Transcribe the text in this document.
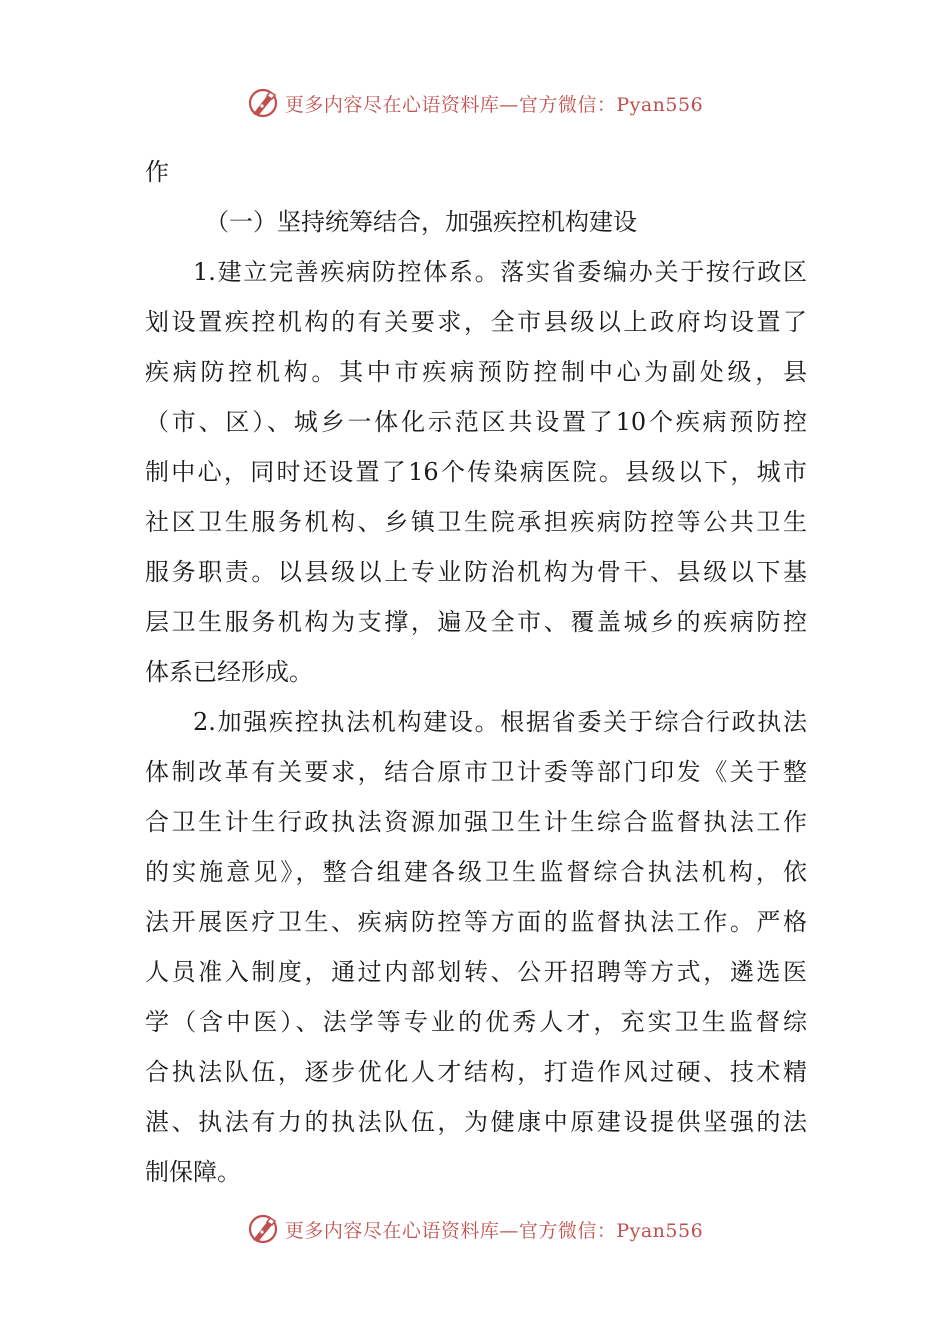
更多内容尽在心语资料库—官方微信：Pyan556
作
（一）坚持统筹结合，加强疾控机构建设
1.建立完善疾病防控体系。落实省委编办关于按行政区
划设置疾控机构的有关要求，全市县级以上政府均设置了
疾病防控机构。其中市疾病预防控制中心为副处级，县
（市、区）、城乡一体化示范区共设置了10个疾病预防控
制中心，同时还设置了16个传染病医院。县级以下，城市
社区卫生服务机构、乡镇卫生院承担疾病防控等公共卫生
服务职责。以县级以上专业防治机构为骨干、县级以下基
层卫生服务机构为支撑，遍及全市、覆盖城乡的疾病防控
体系已经形成。
2.加强疾控执法机构建设。根据省委关于综合行政执法
体制改革有关要求，结合原市卫计委等部门印发《关于整
合卫生计生行政执法资源加强卫生计生综合监督执法工作
的实施意见》，整合组建各级卫生监督综合执法机构，依
法开展医疗卫生、疾病防控等方面的监督执法工作。严格
人员准入制度，通过内部划转、公开招聘等方式，遴选医
学（含中医）、法学等专业的优秀人才，充实卫生监督综
合执法队伍，逐步优化人才结构，打造作风过硬、技术精
湛、执法有力的执法队伍，为健康中原建设提供坚强的法
制保障。
更多内容尽在心语资料库—官方微信：Pyan556
